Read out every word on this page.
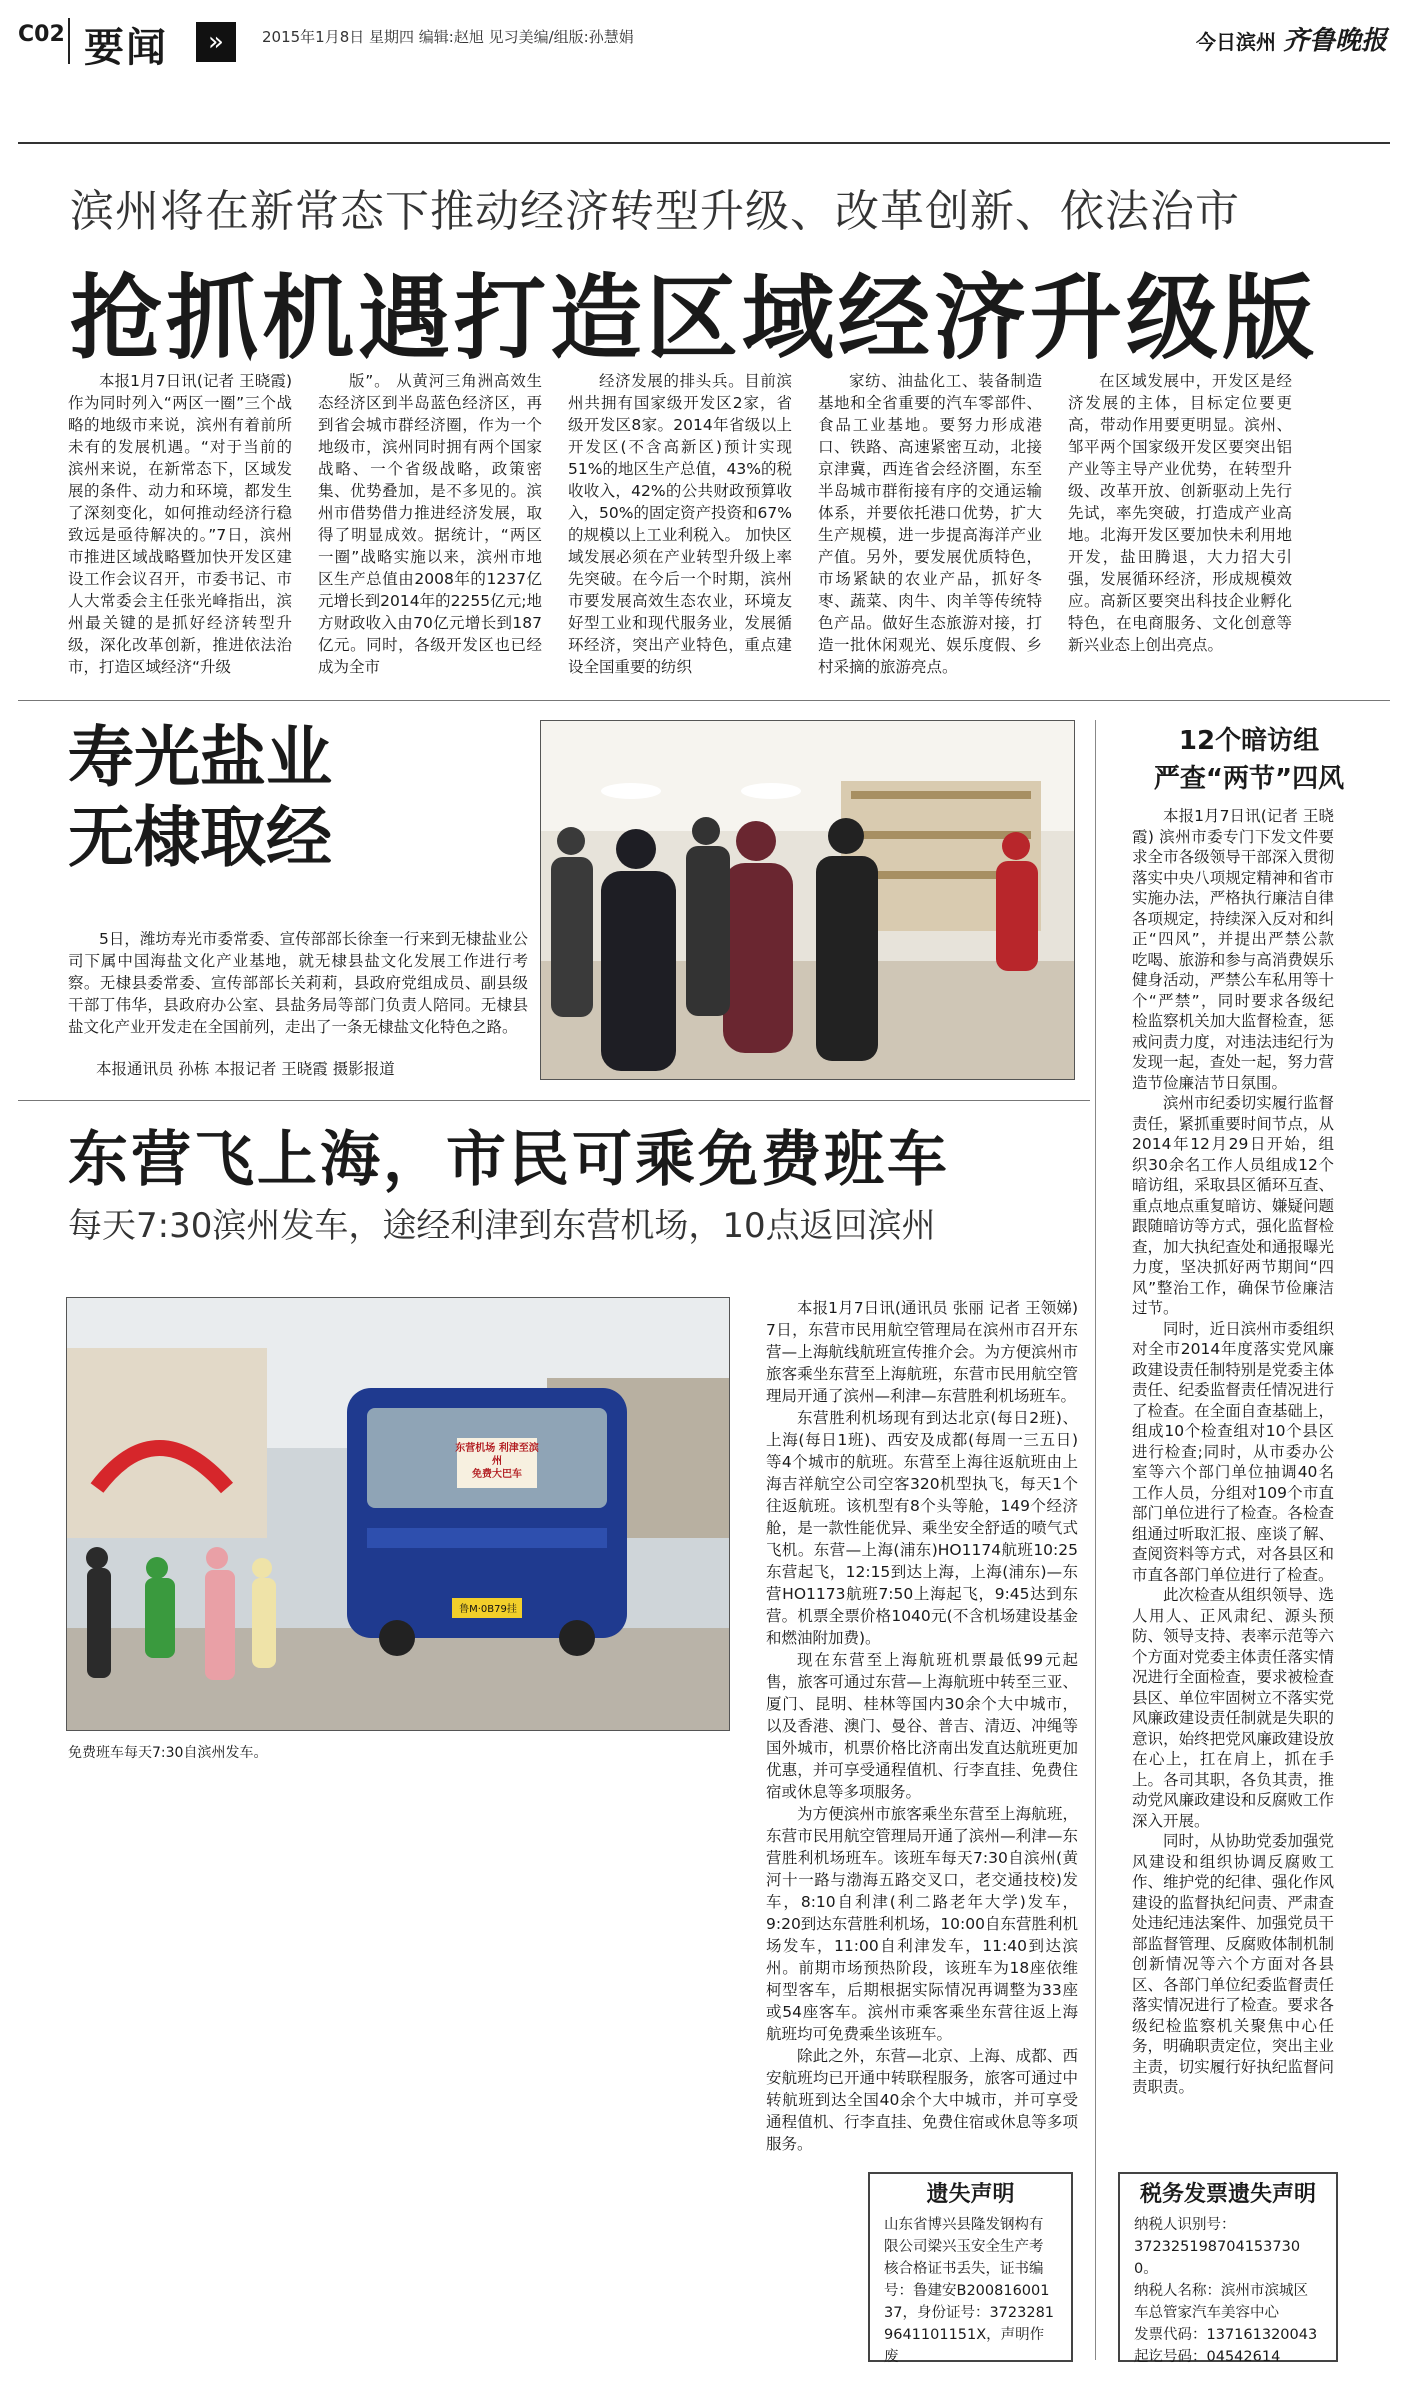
C02 要闻	»	2015年1月8日 星期四 编辑:赵旭 见习美编/组版:孙慧娟	今日滨州 齐鲁晚报
滨州将在新常态下推动经济转型升级、改革创新、依法治市
抢抓机遇打造区域经济升级版

本报1月7日讯(记者 王晓霞) 作为同时列入“两区一圈”三个战略的地级市来说，滨州有着前所未有的发展机遇。“对于当前的滨州来说，在新常态下，区域发展的条件、动力和环境，都发生了深刻变化，如何推动经济行稳致远是亟待解决的。”7日，滨州市推进区域战略暨加快开发区建设工作会议召开，市委书记、市人大常委会主任张光峰指出，滨州最关键的是抓好经济转型升级，深化改革创新，推进依法治市，打造区域经济“升级

版”。 从黄河三角洲高效生态经济区到半岛蓝色经济区，再到省会城市群经济圈，作为一个地级市，滨州同时拥有两个国家战略、一个省级战略，政策密集、优势叠加，是不多见的。滨州市借势借力推进经济发展，取得了明显成效。据统计，“两区一圈”战略实施以来，滨州市地区生产总值由2008年的1237亿元增长到2014年的2255亿元;地方财政收入由70亿元增长到187亿元。同时，各级开发区也已经成为全市

经济发展的排头兵。目前滨州共拥有国家级开发区2家，省级开发区8家。2014年省级以上开发区(不含高新区)预计实现51%的地区生产总值，43%的税收收入，42%的公共财政预算收入，50%的固定资产投资和67%的规模以上工业利税入。 加快区域发展必须在产业转型升级上率先突破。在今后一个时期，滨州市要发展高效生态农业，环境友好型工业和现代服务业，发展循环经济，突出产业特色，重点建设全国重要的纺织

家纺、油盐化工、装备制造基地和全省重要的汽车零部件、食品工业基地。要努力形成港口、铁路、高速紧密互动，北接京津冀，西连省会经济圈，东至半岛城市群衔接有序的交通运输体系，并要依托港口优势，扩大生产规模，进一步提高海洋产业产值。另外，要发展优质特色，市场紧缺的农业产品，抓好冬枣、蔬菜、肉牛、肉羊等传统特色产品。做好生态旅游对接，打造一批休闲观光、娱乐度假、乡村采摘的旅游亮点。

在区域发展中，开发区是经济发展的主体，目标定位要更高，带动作用要更明显。滨州、邹平两个国家级开发区要突出铝产业等主导产业优势，在转型升级、改革开放、创新驱动上先行先试，率先突破，打造成产业高地。北海开发区要加快未利用地开发，盐田腾退，大力招大引强，发展循环经济，形成规模效应。高新区要突出科技企业孵化特色，在电商服务、文化创意等新兴业态上创出亮点。

寿光盐业
无棣取经

5日，潍坊寿光市委常委、宣传部部长徐奎一行来到无棣盐业公司下属中国海盐文化产业基地，就无棣县盐文化发展工作进行考察。无棣县委常委、宣传部部长关莉莉，县政府党组成员、副县级干部丁伟华，县政府办公室、县盐务局等部门负责人陪同。无棣县盐文化产业开发走在全国前列，走出了一条无棣盐文化特色之路。

本报通讯员 孙栋 本报记者 王晓霞 摄影报道
东营飞上海，市民可乘免费班车
每天7:30滨州发车，途经利津到东营机场，10点返回滨州
东营机场 利津至滨州
免费大巴车
鲁M·0B79挂
免费班车每天7:30自滨州发车。

本报1月7日讯(通讯员 张丽 记者 王领娣) 7日，东营市民用航空管理局在滨州市召开东营—上海航线航班宣传推介会。为方便滨州市旅客乘坐东营至上海航班，东营市民用航空管理局开通了滨州—利津—东营胜利机场班车。

东营胜利机场现有到达北京(每日2班)、上海(每日1班)、西安及成都(每周一三五日)等4个城市的航班。东营至上海往返航班由上海吉祥航空公司空客320机型执飞，每天1个往返航班。该机型有8个头等舱，149个经济舱，是一款性能优异、乘坐安全舒适的喷气式飞机。东营—上海(浦东)HO1174航班10:25东营起飞，12:15到达上海，上海(浦东)—东营HO1173航班7:50上海起飞，9:45达到东营。机票全票价格1040元(不含机场建设基金和燃油附加费)。

现在东营至上海航班机票最低99元起售，旅客可通过东营—上海航班中转至三亚、厦门、昆明、桂林等国内30余个大中城市，以及香港、澳门、曼谷、普吉、清迈、冲绳等国外城市，机票价格比济南出发直达航班更加优惠，并可享受通程值机、行李直挂、免费住宿或休息等多项服务。

为方便滨州市旅客乘坐东营至上海航班，东营市民用航空管理局开通了滨州—利津—东营胜利机场班车。该班车每天7:30自滨州(黄河十一路与渤海五路交叉口，老交通技校)发车，8:10自利津(利二路老年大学)发车，9:20到达东营胜利机场，10:00自东营胜利机场发车，11:00自利津发车，11:40到达滨州。前期市场预热阶段，该班车为18座依维柯型客车，后期根据实际情况再调整为33座或54座客车。滨州市乘客乘坐东营往返上海航班均可免费乘坐该班车。

除此之外，东营—北京、上海、成都、西安航班均已开通中转联程服务，旅客可通过中转航班到达全国40余个大中城市，并可享受通程值机、行李直挂、免费住宿或休息等多项服务。

12个暗访组
严查“两节”四风

本报1月7日讯(记者 王晓霞) 滨州市委专门下发文件要求全市各级领导干部深入贯彻落实中央八项规定精神和省市实施办法，严格执行廉洁自律各项规定，持续深入反对和纠正“四风”，并提出严禁公款吃喝、旅游和参与高消费娱乐健身活动，严禁公车私用等十个“严禁”，同时要求各级纪检监察机关加大监督检查，惩戒问责力度，对违法违纪行为发现一起，查处一起，努力营造节俭廉洁节日氛围。

滨州市纪委切实履行监督责任，紧抓重要时间节点，从2014年12月29日开始，组织30余名工作人员组成12个暗访组，采取县区循环互查、重点地点重复暗访、嫌疑问题跟随暗访等方式，强化监督检查，加大执纪查处和通报曝光力度，坚决抓好两节期间“四风”整治工作，确保节俭廉洁过节。

同时，近日滨州市委组织对全市2014年度落实党风廉政建设责任制特别是党委主体责任、纪委监督责任情况进行了检查。在全面自查基础上，组成10个检查组对10个县区进行检查;同时，从市委办公室等六个部门单位抽调40名工作人员，分组对109个市直部门单位进行了检查。各检查组通过听取汇报、座谈了解、查阅资料等方式，对各县区和市直各部门单位进行了检查。

此次检查从组织领导、选人用人、正风肃纪、源头预防、领导支持、表率示范等六个方面对党委主体责任落实情况进行全面检查，要求被检查县区、单位牢固树立不落实党风廉政建设责任制就是失职的意识，始终把党风廉政建设放在心上，扛在肩上，抓在手上。各司其职，各负其责，推动党风廉政建设和反腐败工作深入开展。

同时，从协助党委加强党风建设和组织协调反腐败工作、维护党的纪律、强化作风建设的监督执纪问责、严肃查处违纪违法案件、加强党员干部监督管理、反腐败体制机制创新情况等六个方面对各县区、各部门单位纪委监督责任落实情况进行了检查。要求各级纪检监察机关聚焦中心任务，明确职责定位，突出主业主责，切实履行好执纪监督问责职责。

遗失声明
山东省博兴县隆发钢构有限公司梁兴玉安全生产考核合格证书丢失，证书编号：鲁建安B2008160013​7，身份证号：372328196411​01151X，声明作废
税务发票遗失声明
纳税人识别号：
372325198704153730​0。
纳税人名称：滨州市滨城区车总管家汽车美容中心
发票代码：137161320043
起讫号码：04542614
